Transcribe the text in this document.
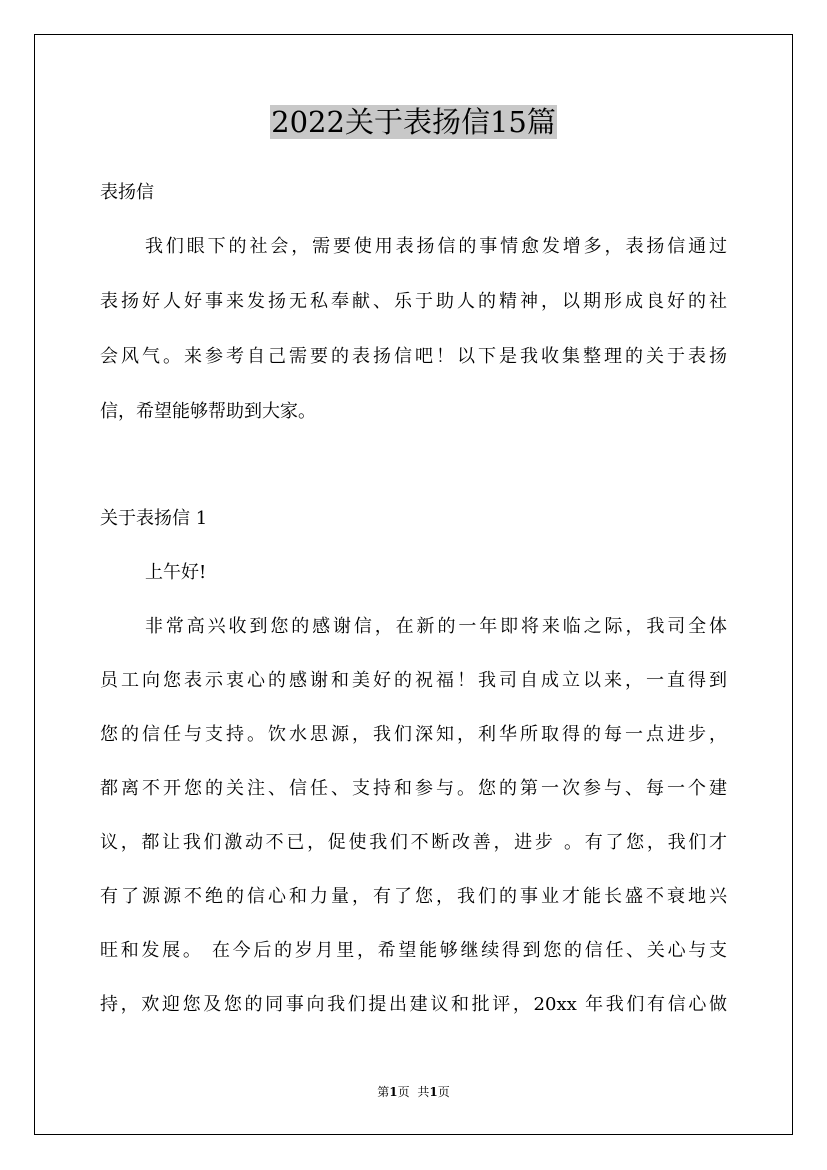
2022关于表扬信15篇
表扬信
我们眼下的社会，需要使用表扬信的事情愈发增多，表扬信通过
表扬好人好事来发扬无私奉献、乐于助人的精神，以期形成良好的社
会风气。来参考自己需要的表扬信吧！以下是我收集整理的关于表扬
信，希望能够帮助到大家。
关于表扬信 1
上午好!
非常高兴收到您的感谢信，在新的一年即将来临之际，我司全体
员工向您表示衷心的感谢和美好的祝福！我司自成立以来，一直得到
您的信任与支持。饮水思源，我们深知，利华所取得的每一点进步，
都离不开您的关注、信任、支持和参与。您的第一次参与、每一个建
议，都让我们激动不已，促使我们不断改善，进步 。有了您，我们才
有了源源不绝的信心和力量，有了您，我们的事业才能长盛不衰地兴
旺和发展。 在今后的岁月里，希望能够继续得到您的信任、关心与支
持，欢迎您及您的同事向我们提出建议和批评，20xx 年我们有信心做
第1页 共1页
